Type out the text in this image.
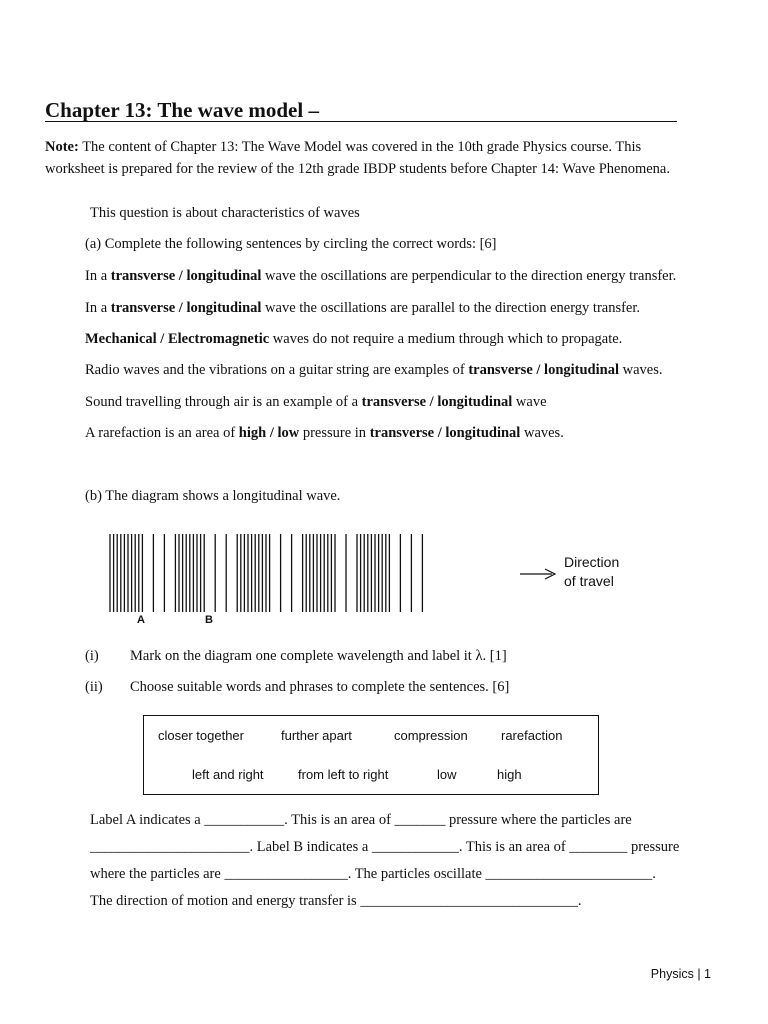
Chapter 13: The wave model –
Note: The content of Chapter 13: The Wave Model was covered in the 10th grade Physics course. This
worksheet is prepared for the review of the 12th grade IBDP students before Chapter 14: Wave Phenomena.
This question is about characteristics of waves
(a) Complete the following sentences by circling the correct words: [6]
In a transverse / longitudinal wave the oscillations are perpendicular to the direction energy transfer.
In a transverse / longitudinal wave the oscillations are parallel to the direction energy transfer.
Mechanical / Electromagnetic waves do not require a medium through which to propagate.
Radio waves and the vibrations on a guitar string are examples of transverse / longitudinal waves.
Sound travelling through air is an example of a transverse / longitudinal wave
A rarefaction is an area of high / low pressure in transverse / longitudinal waves.
(b) The diagram shows a longitudinal wave.
Direction
of travel
A	B
(i) Mark on the diagram one complete wavelength and label it λ. [1]
(ii) Choose suitable words and phrases to complete the sentences. [6]
closer together	further apart	compression	rarefaction
left and right	from left to right	low	high
Label A indicates a ___________. This is an area of _______ pressure where the particles are
______________________. Label B indicates a ____________. This is an area of ________ pressure
where the particles are _________________. The particles oscillate _______________________.
The direction of motion and energy transfer is ______________________________.
Physics | 1
